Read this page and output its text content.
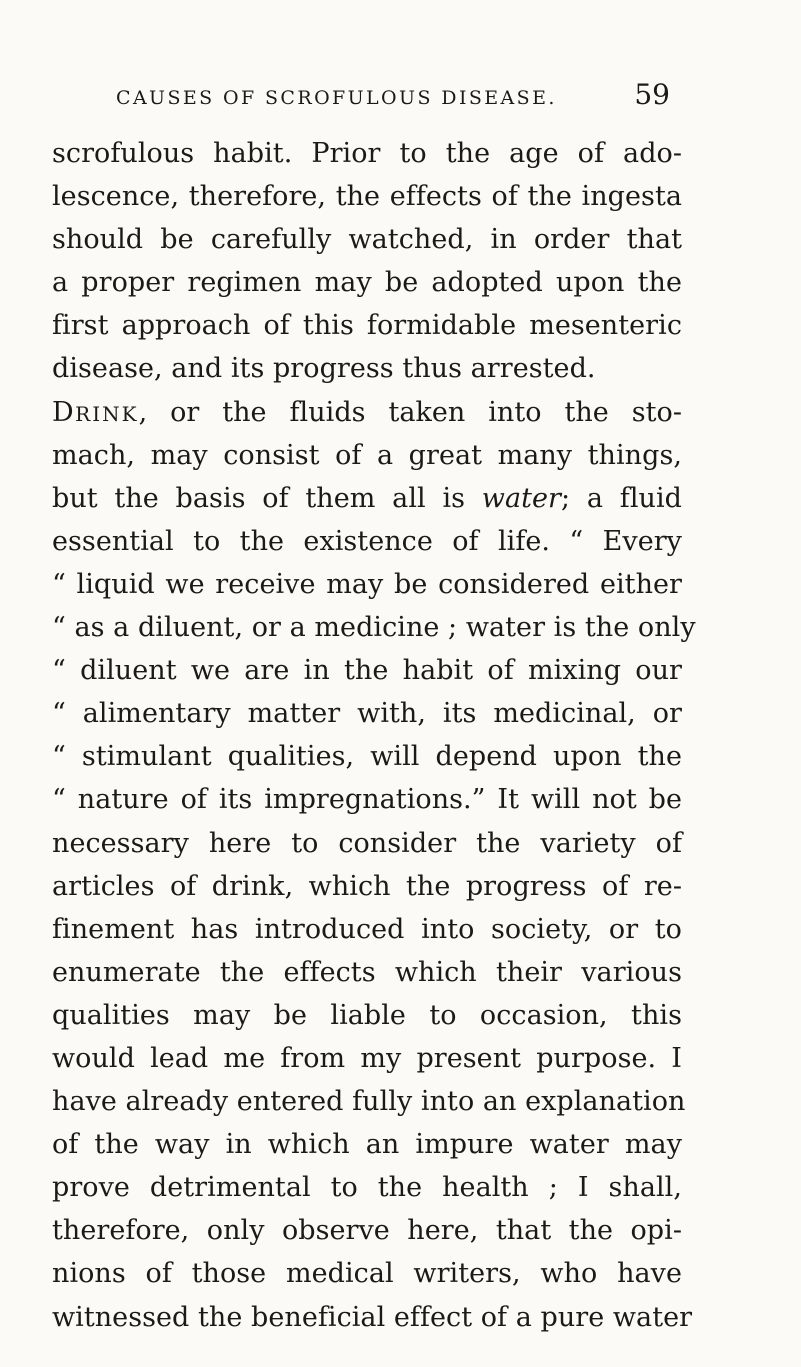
CAUSES OF SCROFULOUS DISEASE.	59
scrofulous habit. Prior to the age of ado-
lescence, therefore, the effects of the ingesta
should be carefully watched, in order that
a proper regimen may be adopted upon the
first approach of this formidable mesenteric
disease, and its progress thus arrested.
DRINK, or the fluids taken into the sto-
mach, may consist of a great many things,
but the basis of them all is water; a fluid
essential to the existence of life. “ Every
“ liquid we receive may be considered either
“ as a diluent, or a medicine ; water is the only
“ diluent we are in the habit of mixing our
“ alimentary matter with, its medicinal, or
“ stimulant qualities, will depend upon the
“ nature of its impregnations.” It will not be
necessary here to consider the variety of
articles of drink, which the progress of re-
finement has introduced into society, or to
enumerate the effects which their various
qualities may be liable to occasion, this
would lead me from my present purpose. I
have already entered fully into an explanation
of the way in which an impure water may
prove detrimental to the health ; I shall,
therefore, only observe here, that the opi-
nions of those medical writers, who have
witnessed the beneficial effect of a pure water
